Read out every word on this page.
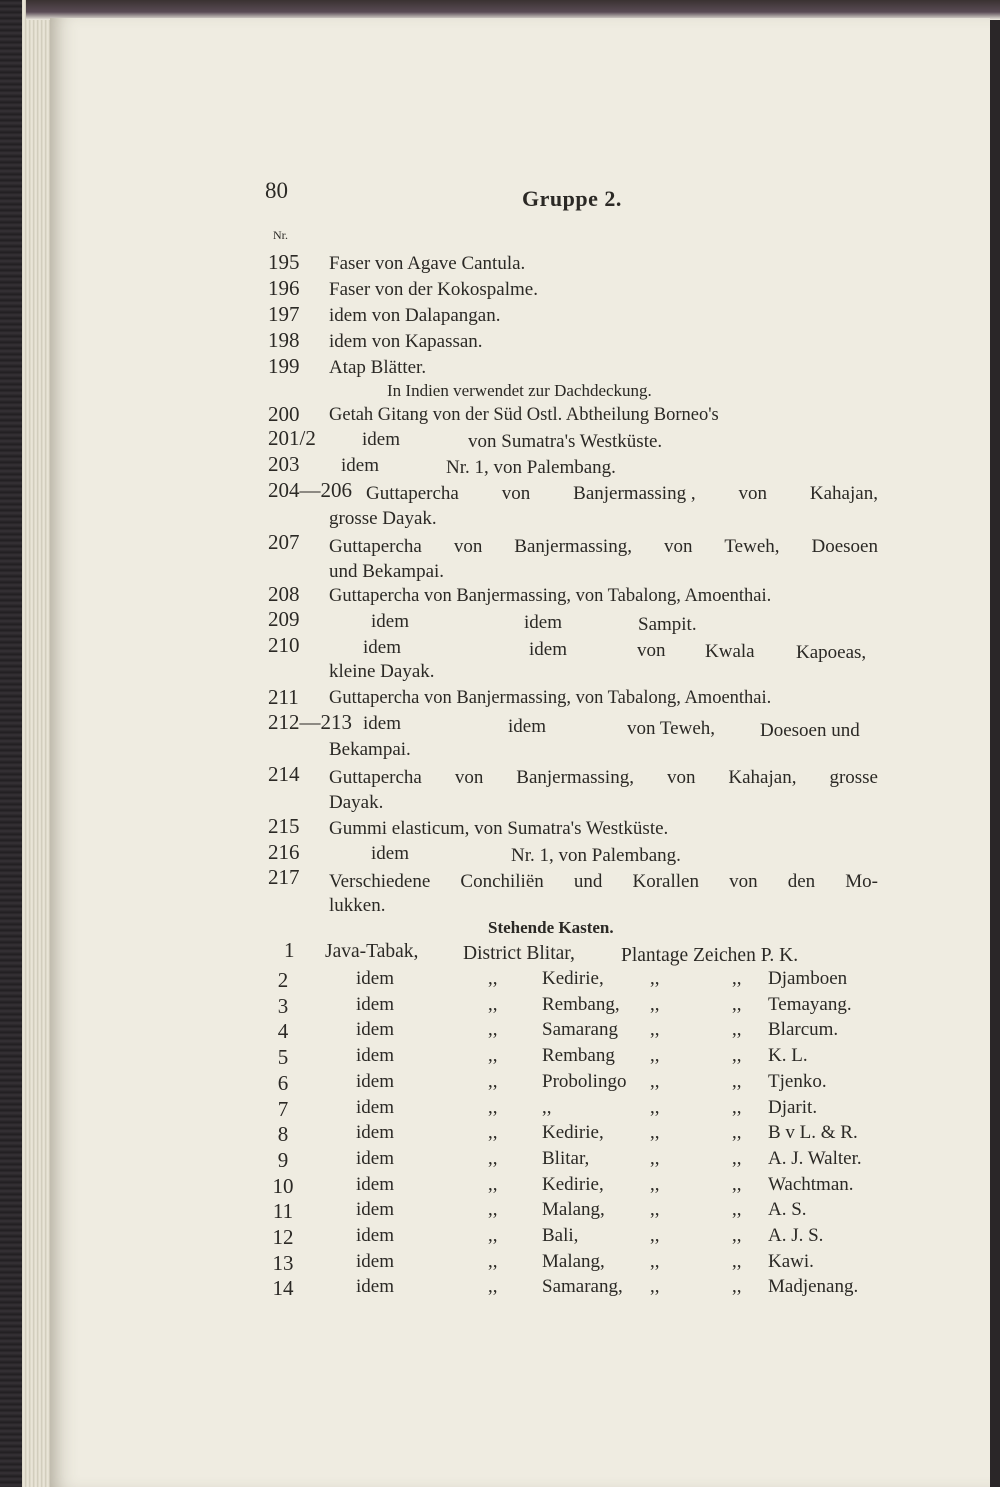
80	Gruppe 2.
Nr.
195 Faser von Agave Cantula.
196 Faser von der Kokospalme.
197 idem von Dalapangan.
198 idem von Kapassan.
199 Atap Blätter.
In Indien verwendet zur Dachdeckung.
200 Getah Gitang von der Süd Ostl. Abtheilung Borneo's
201/2 idem	von Sumatra's Westküste.
203 idem	Nr. 1, von Palembang.
204—206 Guttapercha von Banjermassing , von Kahajan,
grosse Dayak.
207 Guttapercha von Banjermassing, von Teweh, Doesoen
und Bekampai.
208 Guttapercha von Banjermassing, von Tabalong, Amoenthai.
209	idem	idem	Sampit.
210	idem	idem	von Kwala Kapoeas,
kleine Dayak.
211 Guttapercha von Banjermassing, von Tabalong, Amoenthai.
212—213 idem	idem	von Teweh, Doesoen und
Bekampai.
214 Guttapercha von Banjermassing, von Kahajan, grosse
Dayak.
215 Gummi elasticum, von Sumatra's Westküste.
216	idem	Nr. 1, von Palembang.
217 Verschiedene Conchiliën und Korallen von den Mo-
lukken.
Stehende Kasten.
1 Java-Tabak, District Blitar, Plantage Zeichen P. K.
2	idem	,, Kedirie, ,,	,, Djamboen
3	idem	,, Rembang, ,,	,, Temayang.
4	idem	,, Samarang ,,	,, Blarcum.
5	idem	,, Rembang ,,	,, K. L.
6	idem	,, Probolingo ,,	,, Tjenko.
7	idem	,, ,,	,,	,, Djarit.
8	idem	,, Kedirie, ,,	,, B v L. & R.
9	idem	,, Blitar,	,,	,, A. J. Walter.
10	idem	,, Kedirie, ,,	,, Wachtman.
11	idem	,, Malang, ,,	,, A. S.
12	idem	,, Bali,	,,	,, A. J. S.
13	idem	,, Malang, ,,	,, Kawi.
14	idem	,, Samarang, ,,	,, Madjenang.
